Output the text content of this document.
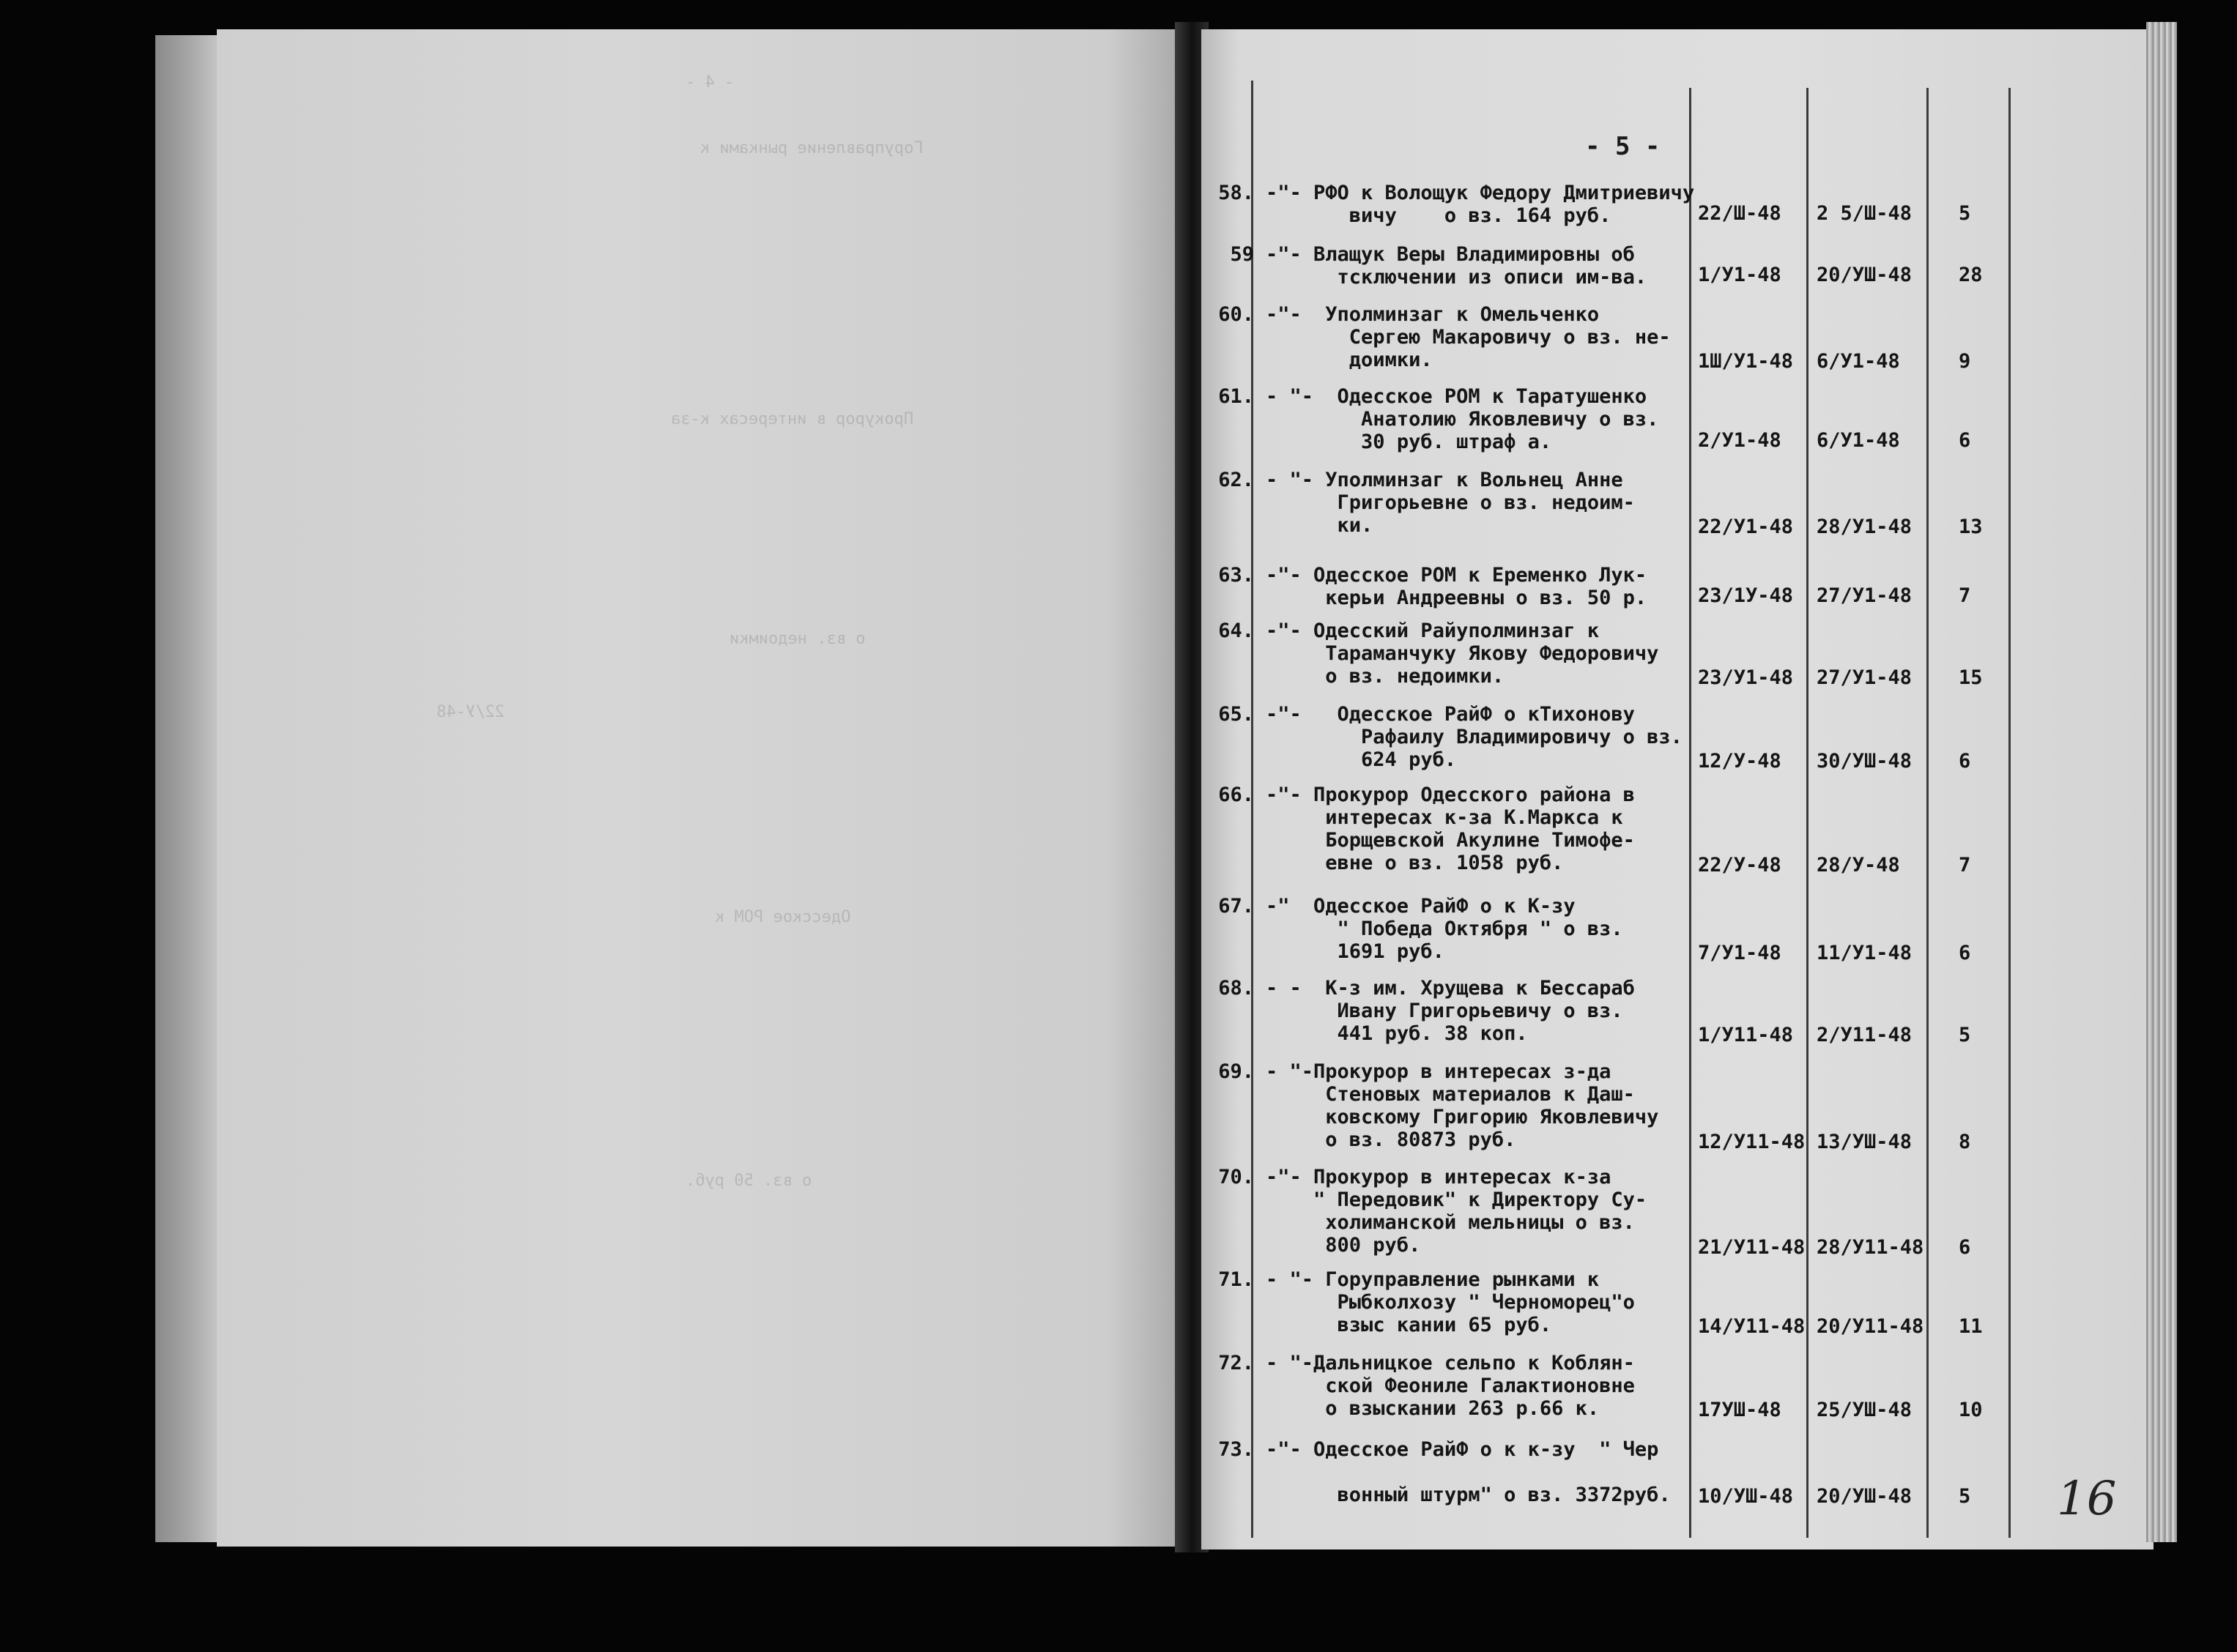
- 4 -
Горуправление рынками к
Прокурор в интересах к-за
о вз. недоимки
22/У-48
Одесское РОМ к
о вз. 50 руб.
- 5 -
58. -"- РФО к Волощук Федору Дмитриевичу
вичу    о вз. 164 руб.	22/Ш-48 2 5/Ш-48 5
59 -"- Влащук Веры Владимировны об
тсключении из описи им-ва.	1/У1-48 20/УШ-48 28
60. -"-  Уполминзаг к Омельченко
Сергею Макаровичу о вз. не-
доимки.	1Ш/У1-48 6/У1-48	9
61. - "-  Одесское РОМ к Таратушенко
Анатолию Яковлевичу о вз.
30 руб. штраф а.	2/У1-48 6/У1-48	6
62. - "- Уполминзаг к Вольнец Анне
Григорьевне о вз. недоим-
ки.	22/У1-48 28/У1-48 13
63. -"- Одесское РОМ к Еременко Лук-
керьи Андреевны о вз. 50 р.	23/1У-48 27/У1-48 7
64. -"- Одесский Райуполминзаг к
Тараманчуку Якову Федоровичу
о вз. недоимки.	23/У1-48 27/У1-48 15
65. -"-   Одесское РайФ о кТихонову
Рафаилу Владимировичу о вз.
624 руб.	12/У-48 30/УШ-48 6
66. -"- Прокурор Одесского района в
интересах к-за К.Маркса к
Борщевской Акулине Тимофе-
евне о вз. 1058 руб.	22/У-48 28/У-48	7
67. -"  Одесское РайФ о к К-зу
" Победа Октября " о вз.
1691 руб.	7/У1-48 11/У1-48 6
68. - -  К-з им. Хрущева к Бессараб
Ивану Григорьевичу о вз.
441 руб. 38 коп.	1/У11-48 2/У11-48 5
69. - "-Прокурор в интересах з-да
Стеновых материалов к Даш-
ковскому Григорию Яковлевичу
о вз. 80873 руб.	12/У11-48 13/УШ-48 8
70. -"- Прокурор в интересах к-за
" Передовик" к Директору Су-
холиманской мельницы о вз.
800 руб.	21/У11-48 28/У11-48 6
71. - "- Горуправление рынками к
Рыбколхозу " Черноморец"о
взыс кании 65 руб.	14/У11-48 20/У11-48 11
72. - "-Дальницкое сельпо к Коблян-
ской Феониле Галактионовне
о взыскании 263 р.66 к.	17УШ-48 25/УШ-48 10
73. -"- Одесское РайФ о к к-зу  " Чер

вонный штурм" о вз. 3372руб. 10/УШ-48 20/УШ-48 5 16
